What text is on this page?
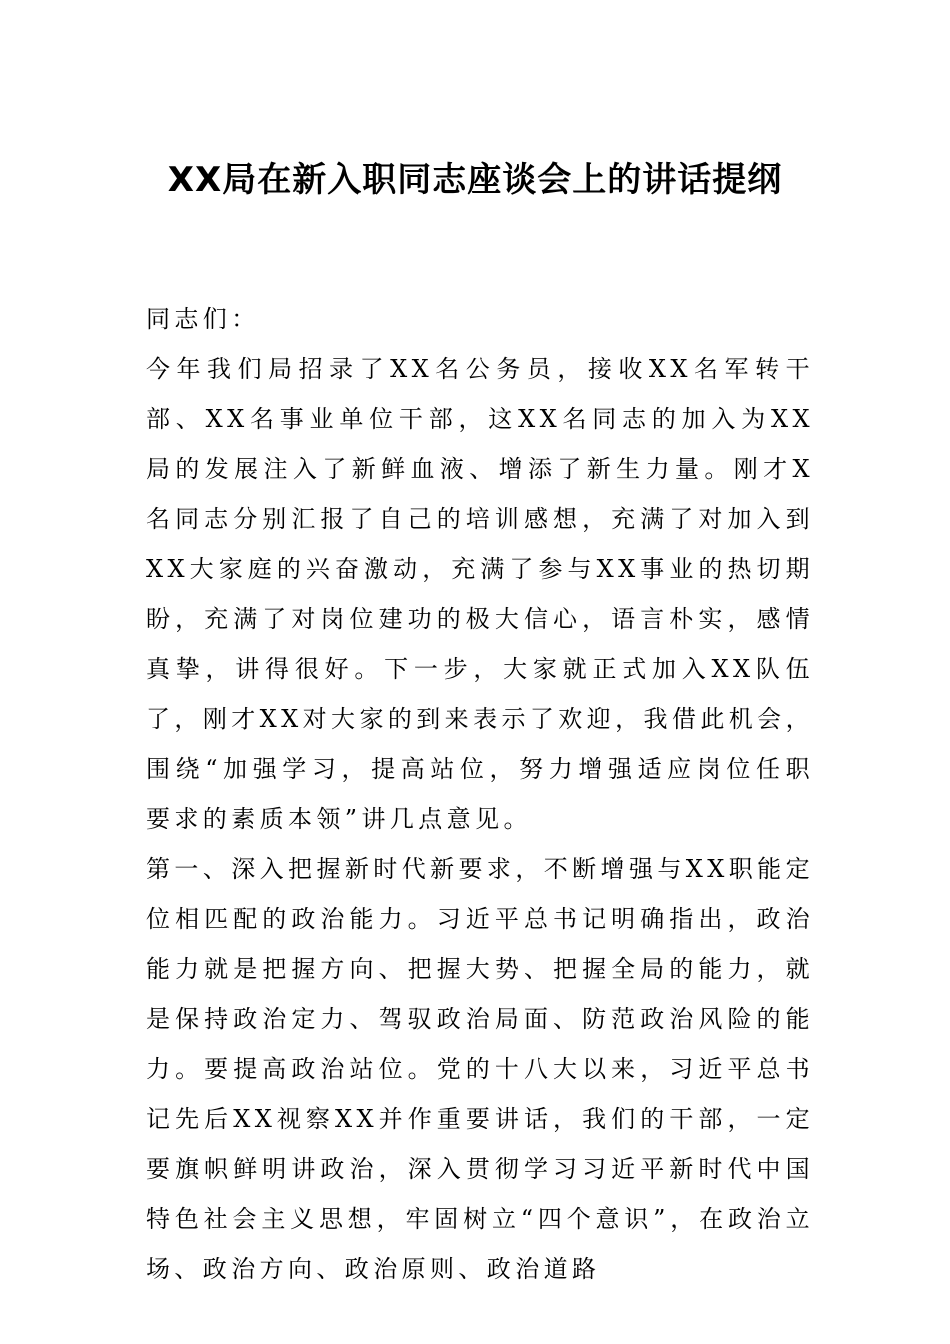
XX局在新入职同志座谈会上的讲话提纲

同志们：

今年我们局招录了XX名公务员，接收XX名军转干部、XX名事业单位干部，这XX名同志的加入为XX局的发展注入了新鲜血液、增添了新生力量。刚才X名同志分别汇报了自己的培训感想，充满了对加入到XX大家庭的兴奋激动，充满了参与XX事业的热切期盼，充满了对岗位建功的极大信心，语言朴实，感情真挚，讲得很好。下一步，大家就正式加入XX队伍了，刚才XX对大家的到来表示了欢迎，我借此机会，围绕“加强学习，提高站位，努力增强适应岗位任职要求的素质本领”讲几点意见。

第一、深入把握新时代新要求，不断增强与XX职能定位相匹配的政治能力。习近平总书记明确指出，政治能力就是把握方向、把握大势、把握全局的能力，就是保持政治定力、驾驭政治局面、防范政治风险的能力。要提高政治站位。党的十八大以来，习近平总书记先后XX视察XX并作重要讲话，我们的干部，一定要旗帜鲜明讲政治，深入贯彻学习习近平新时代中国特色社会主义思想，牢固树立“四个意识”，在政治立场、政治方向、政治原则、政治道路
